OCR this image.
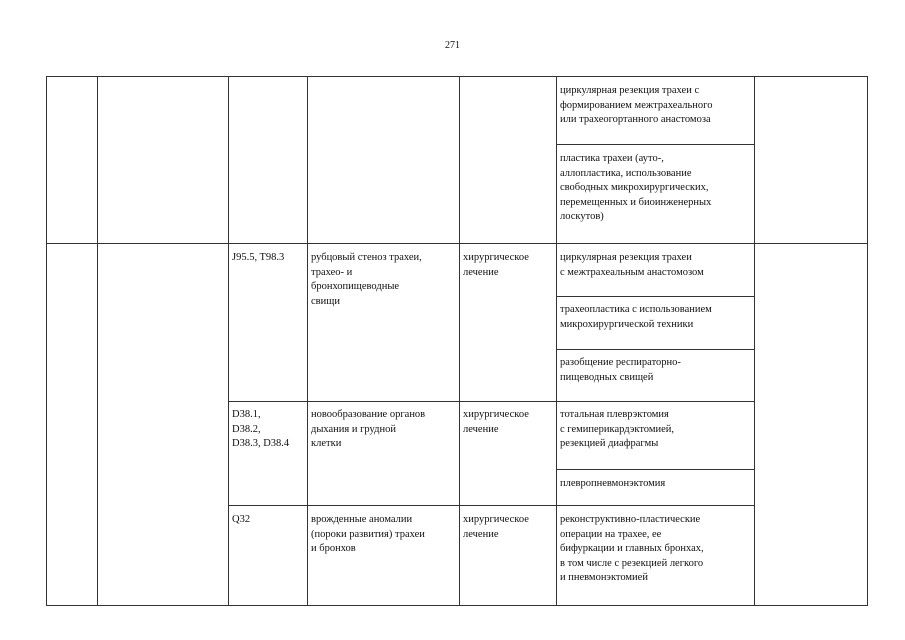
271
циркулярная резекция трахеи с
формированием межтрахеального
или трахеогортанного анастомоза
пластика трахеи (ауто-,
аллопластика, использование
свободных микрохирургических,
перемещенных и биоинженерных
лоскутов)
J95.5, T98.3	рубцовый стеноз трахеи,
трахео- и
бронхопищеводные
свищи
хирургическое
лечение
циркулярная резекция трахеи
с межтрахеальным анастомозом
трахеопластика с использованием
микрохирургической техники
разобщение респираторно-
пищеводных свищей
D38.1,
D38.2,
D38.3, D38.4
новообразование органов
дыхания и грудной
клетки
хирургическое
лечение
тотальная плеврэктомия
с гемиперикардэктомией,
резекцией диафрагмы
плевропневмонэктомия
Q32	врожденные аномалии
(пороки развития) трахеи
и бронхов
хирургическое
лечение
реконструктивно-пластические
операции на трахее, ее
бифуркации и главных бронхах,
в том числе с резекцией легкого
и пневмонэктомией
